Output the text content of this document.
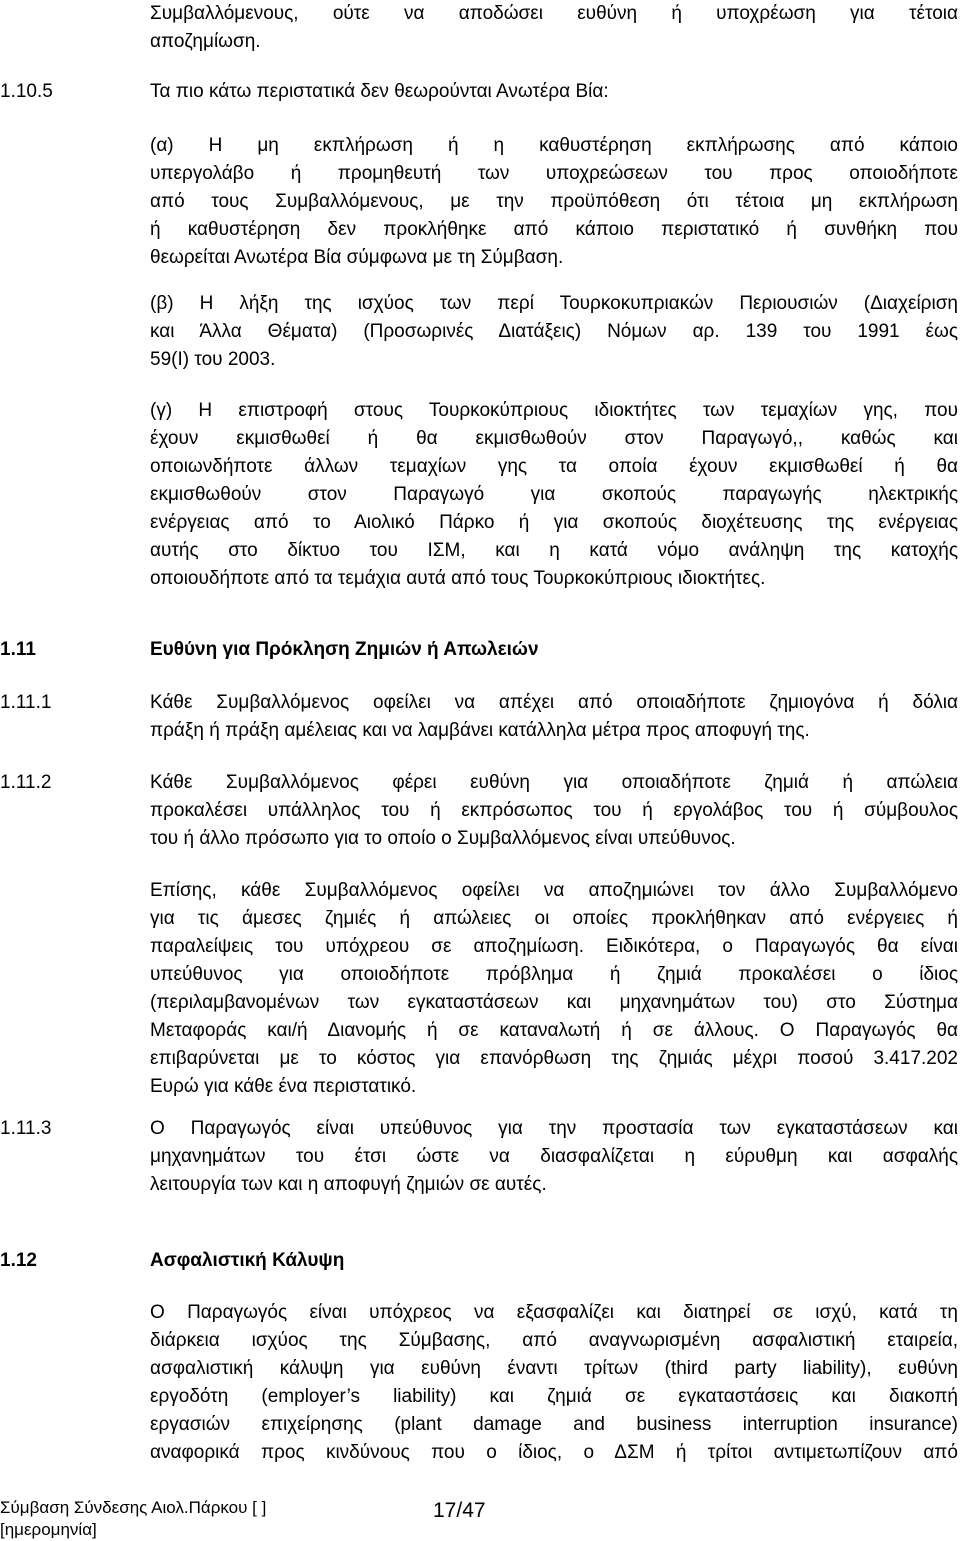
Συμβαλλόμενους, ούτε να αποδώσει ευθύνη ή υποχρέωση για τέτοια
αποζημίωση.
1.10.5	Τα πιο κάτω περιστατικά δεν θεωρούνται Ανωτέρα Βία:
(α) Η μη εκπλήρωση ή η καθυστέρηση εκπλήρωσης από κάποιο
υπεργολάβο ή προμηθευτή των υποχρεώσεων του προς οποιοδήποτε
από τους Συμβαλλόμενους, με την προϋπόθεση ότι τέτοια μη εκπλήρωση
ή καθυστέρηση δεν προκλήθηκε από κάποιο περιστατικό ή συνθήκη που
θεωρείται Ανωτέρα Βία σύμφωνα με τη Σύμβαση.
(β) Η λήξη της ισχύος των περί Τουρκοκυπριακών Περιουσιών (Διαχείριση
και Άλλα Θέματα) (Προσωρινές Διατάξεις) Νόμων αρ. 139 του 1991 έως
59(Ι) του 2003.
(γ) Η επιστροφή στους Τουρκοκύπριους ιδιοκτήτες των τεμαχίων γης, που
έχουν εκμισθωθεί ή θα εκμισθωθούν στον Παραγωγό,, καθώς και
οποιωνδήποτε άλλων τεμαχίων γης τα οποία έχουν εκμισθωθεί ή θα
εκμισθωθούν στον Παραγωγό για σκοπούς παραγωγής ηλεκτρικής
ενέργειας από το Αιολικό Πάρκο ή για σκοπούς διοχέτευσης της ενέργειας
αυτής στο δίκτυο του ΙΣΜ, και η κατά νόμο ανάληψη της κατοχής
οποιουδήποτε από τα τεμάχια αυτά από τους Τουρκοκύπριους ιδιοκτήτες.
1.11	Ευθύνη για Πρόκληση Ζημιών ή Απωλειών
1.11.1	Κάθε Συμβαλλόμενος οφείλει να απέχει από οποιαδήποτε ζημιογόνα ή δόλια
πράξη ή πράξη αμέλειας και να λαμβάνει κατάλληλα μέτρα προς αποφυγή της.
1.11.2	Κάθε Συμβαλλόμενος φέρει ευθύνη για οποιαδήποτε ζημιά ή απώλεια
προκαλέσει υπάλληλος του ή εκπρόσωπος του ή εργολάβος του ή σύμβουλος
του ή άλλο πρόσωπο για το οποίο ο Συμβαλλόμενος είναι υπεύθυνος.
Επίσης, κάθε Συμβαλλόμενος οφείλει να αποζημιώνει τον άλλο Συμβαλλόμενο
για τις άμεσες ζημιές ή απώλειες οι οποίες προκλήθηκαν από ενέργειες ή
παραλείψεις του υπόχρεου σε αποζημίωση. Ειδικότερα, ο Παραγωγός θα είναι
υπεύθυνος για οποιοδήποτε πρόβλημα ή ζημιά προκαλέσει ο ίδιος
(περιλαμβανομένων των εγκαταστάσεων και μηχανημάτων του) στο Σύστημα
Μεταφοράς και/ή Διανομής ή σε καταναλωτή ή σε άλλους. Ο Παραγωγός θα
επιβαρύνεται με το κόστος για επανόρθωση της ζημιάς μέχρι ποσού 3.417.202
Ευρώ για κάθε ένα περιστατικό.
1.11.3	Ο Παραγωγός είναι υπεύθυνος για την προστασία των εγκαταστάσεων και
μηχανημάτων του έτσι ώστε να διασφαλίζεται η εύρυθμη και ασφαλής
λειτουργία των και η αποφυγή ζημιών σε αυτές.
1.12	Ασφαλιστική Κάλυψη
Ο Παραγωγός είναι υπόχρεος να εξασφαλίζει και διατηρεί σε ισχύ, κατά τη
διάρκεια ισχύος της Σύμβασης, από αναγνωρισμένη ασφαλιστική εταιρεία,
ασφαλιστική κάλυψη για ευθύνη έναντι τρίτων (third party liability), ευθύνη
εργοδότη (employer’s liability) και ζημιά σε εγκαταστάσεις και διακοπή
εργασιών επιχείρησης (plant damage and business interruption insurance)
αναφορικά προς κινδύνους που ο ίδιος, ο ΔΣΜ ή τρίτοι αντιμετωπίζουν από
Σύμβαση Σύνδεσης Αιολ.Πάρκου [ ]
[ημερομηνία]
17/47
